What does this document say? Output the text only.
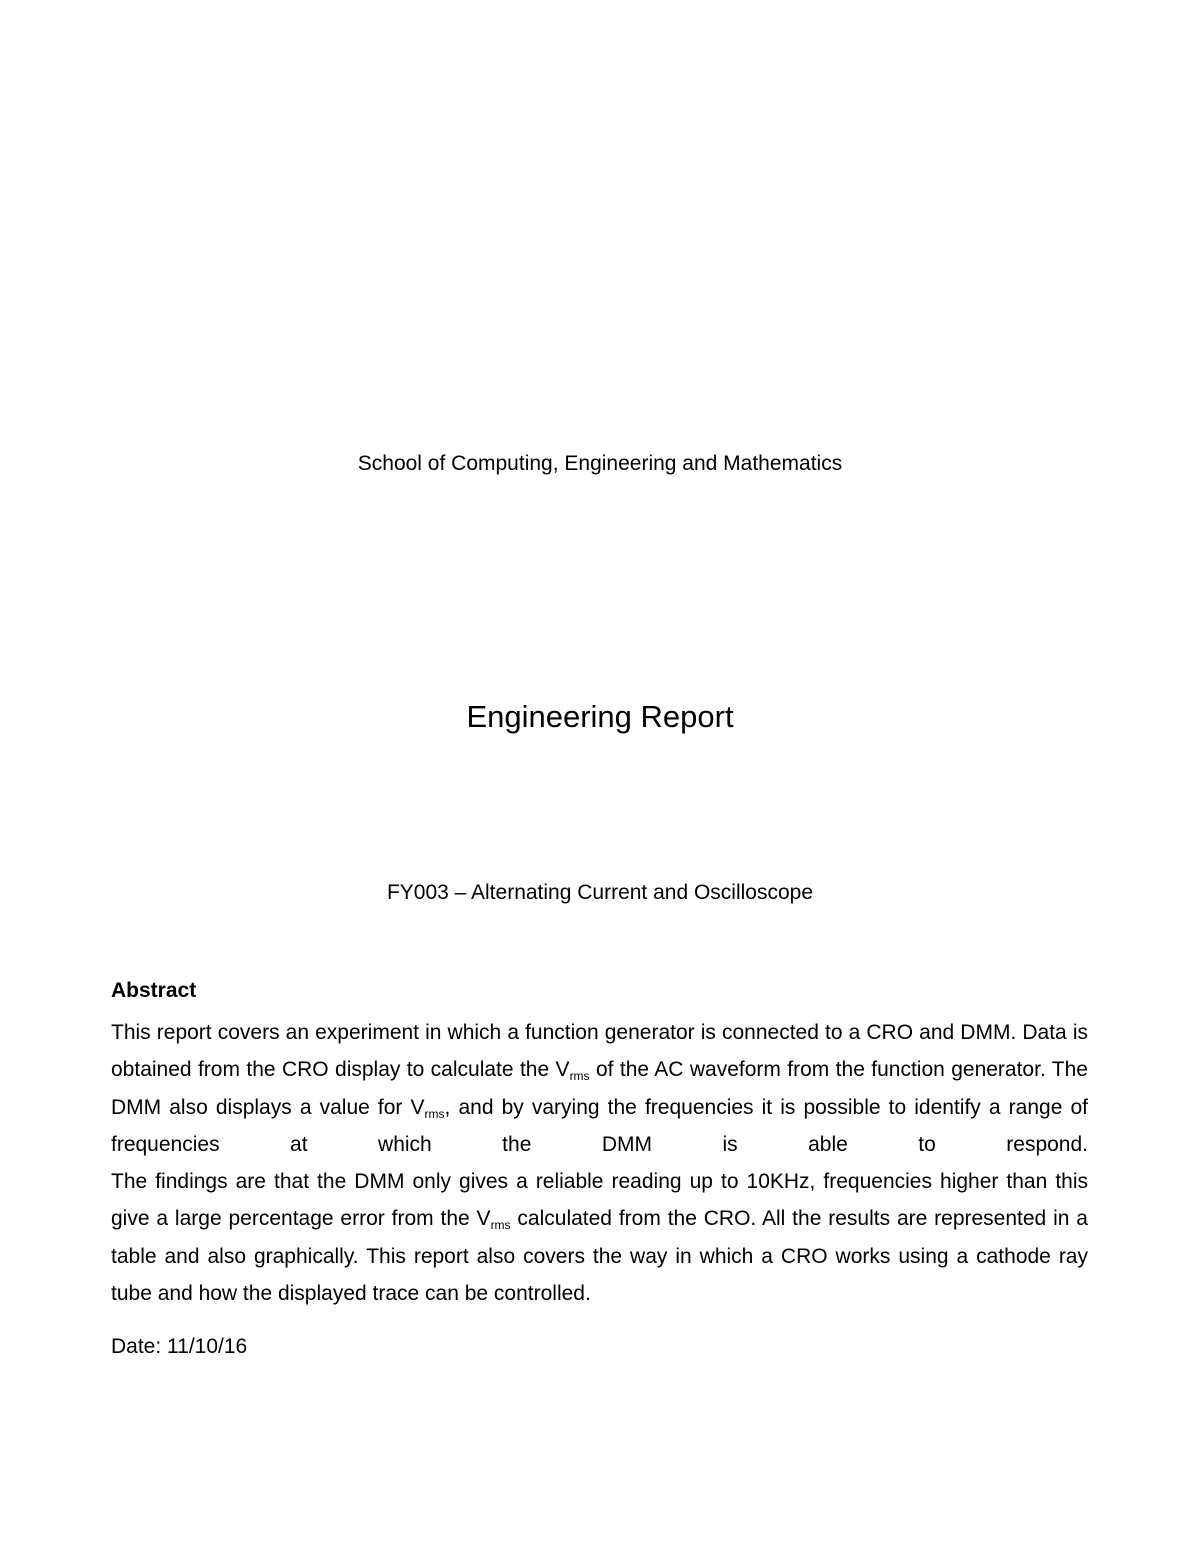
School of Computing, Engineering and Mathematics
Engineering Report
FY003 – Alternating Current and Oscilloscope
Abstract

This report covers an experiment in which a function generator is connected to a CRO and DMM. Data is obtained from the CRO display to calculate the $V_{rms}$ of the AC waveform from the function generator. The DMM also displays a value for $V_{rms}$, and by varying the frequencies it is possible to identify a range of frequencies at which the DMM is able to respond.

The findings are that the DMM only gives a reliable reading up to 10KHz, frequencies higher than this give a large percentage error from the $V_{rms}$ calculated from the CRO. All the results are represented in a table and also graphically. This report also covers the way in which a CRO works using a cathode ray tube and how the displayed trace can be controlled.

Date: 11/10/16
